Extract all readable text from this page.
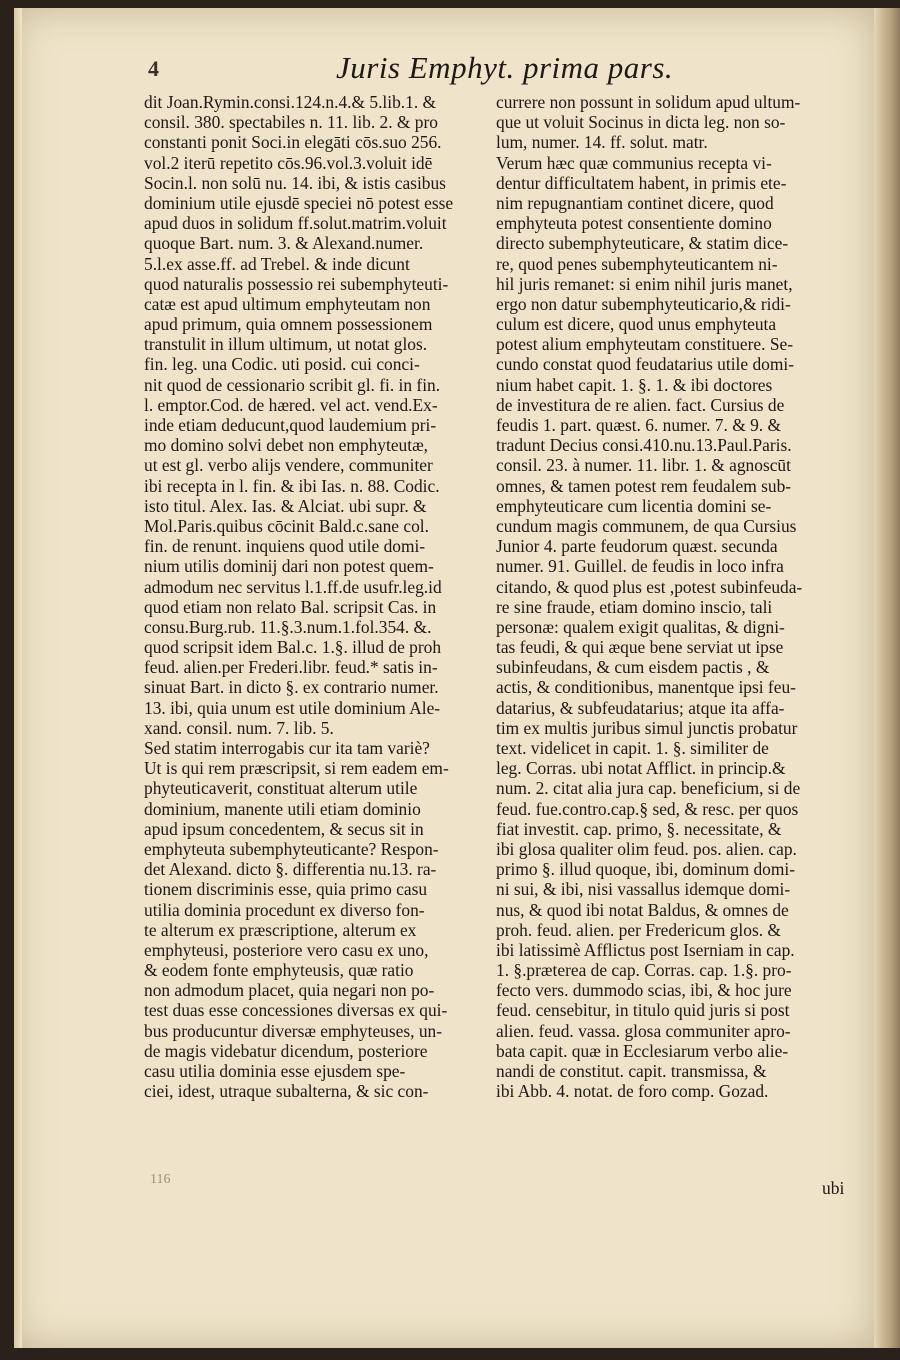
4	Juris Emphyt. prima pars.
dit Joan.Rymin.consi.124.n.4.& 5.lib.1. &
consil. 380. spectabiles n. 11. lib. 2. & pro
constanti ponit Soci.in elegāti cōs.suo 256.
vol.2 iterū repetito cōs.96.vol.3.voluit idē
Socin.l. non solū nu. 14. ibi, & istis casibus
dominium utile ejusdē speciei nō potest esse
apud duos in solidum ff.solut.matrim.voluit
quoque Bart. num. 3. & Alexand.numer.
5.l.ex asse.ff. ad Trebel. & inde dicunt
quod naturalis possessio rei subemphyteuti-
catæ est apud ultimum emphyteutam non
apud primum, quia omnem possessionem
transtulit in illum ultimum, ut notat glos.
fin. leg. una Codic. uti posid. cui conci-
nit quod de cessionario scribit gl. fi. in fin.
l. emptor.Cod. de hæred. vel act. vend.Ex-
inde etiam deducunt,quod laudemium pri-
mo domino solvi debet non emphyteutæ,
ut est gl. verbo alijs vendere, communiter
ibi recepta in l. fin. & ibi Ias. n. 88. Codic.
isto titul. Alex. Ias. & Alciat. ubi supr. &
Mol.Paris.quibus cōcinit Bald.c.sane col.
fin. de renunt. inquiens quod utile domi-
nium utilis dominij dari non potest quem-
admodum nec servitus l.1.ff.de usufr.leg.id
quod etiam non relato Bal. scripsit Cas. in
consu.Burg.rub. 11.§.3.num.1.fol.354. &.
quod scripsit idem Bal.c. 1.§. illud de proh
feud. alien.per Frederi.libr. feud.* satis in-
sinuat Bart. in dicto §. ex contrario numer.
13. ibi, quia unum est utile dominium Ale-
xand. consil. num. 7. lib. 5.
Sed statim interrogabis cur ita tam variè?
Ut is qui rem præscripsit, si rem eadem em-
phyteuticaverit, constituat alterum utile
dominium, manente utili etiam dominio
apud ipsum concedentem, & secus sit in
emphyteuta subemphyteuticante? Respon-
det Alexand. dicto §. differentia nu.13. ra-
tionem discriminis esse, quia primo casu
utilia dominia procedunt ex diverso fon-
te alterum ex præscriptione, alterum ex
emphyteusi, posteriore vero casu ex uno,
& eodem fonte emphyteusis, quæ ratio
non admodum placet, quia negari non po-
test duas esse concessiones diversas ex qui-
bus producuntur diversæ emphyteuses, un-
de magis videbatur dicendum, posteriore
casu utilia dominia esse ejusdem spe-
ciei, idest, utraque subalterna, & sic con-
currere non possunt in solidum apud ultum-
que ut voluit Socinus in dicta leg. non so-
lum, numer. 14. ff. solut. matr.
Verum hæc quæ communius recepta vi-
dentur difficultatem habent, in primis ete-
nim repugnantiam continet dicere, quod
emphyteuta potest consentiente domino
directo subemphyteuticare, & statim dice-
re, quod penes subemphyteuticantem ni-
hil juris remanet: si enim nihil juris manet,
ergo non datur subemphyteuticario,& ridi-
culum est dicere, quod unus emphyteuta
potest alium emphyteutam constituere. Se-
cundo constat quod feudatarius utile domi-
nium habet capit. 1. §. 1. & ibi doctores
de investitura de re alien. fact. Cursius de
feudis 1. part. quæst. 6. numer. 7. & 9. &
tradunt Decius consi.410.nu.13.Paul.Paris.
consil. 23. à numer. 11. libr. 1. & agnoscūt
omnes, & tamen potest rem feudalem sub-
emphyteuticare cum licentia domini se-
cundum magis communem, de qua Cursius
Junior 4. parte feudorum quæst. secunda
numer. 91. Guillel. de feudis in loco infra
citando, & quod plus est ,potest subinfeuda-
re sine fraude, etiam domino inscio, tali
personæ: qualem exigit qualitas, & digni-
tas feudi, & qui æque bene serviat ut ipse
subinfeudans, & cum eisdem pactis , &
actis, & conditionibus, manentque ipsi feu-
datarius, & subfeudatarius; atque ita affa-
tim ex multis juribus simul junctis probatur
text. videlicet in capit. 1. §. similiter de
leg. Corras. ubi notat Afflict. in princip.&
num. 2. citat alia jura cap. beneficium, si de
feud. fue.contro.cap.§ sed, & resc. per quos
fiat investit. cap. primo, §. necessitate, &
ibi glosa qualiter olim feud. pos. alien. cap.
primo §. illud quoque, ibi, dominum domi-
ni sui, & ibi, nisi vassallus idemque domi-
nus, & quod ibi notat Baldus, & omnes de
proh. feud. alien. per Fredericum glos. &
ibi latissimè Afflictus post Iserniam in cap.
1. §.præterea de cap. Corras. cap. 1.§. pro-
fecto vers. dummodo scias, ibi, & hoc jure
feud. censebitur, in titulo quid juris si post
alien. feud. vassa. glosa communiter apro-
bata capit. quæ in Ecclesiarum verbo alie-
nandi de constitut. capit. transmissa, &
ibi Abb. 4. notat. de foro comp. Gozad.
116	ubi
